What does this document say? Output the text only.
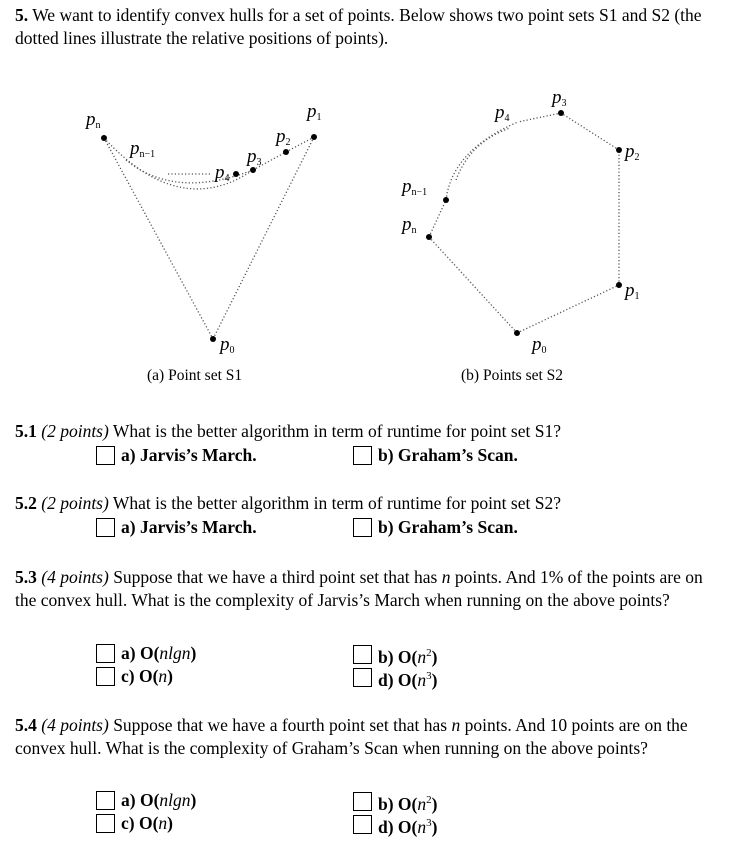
5. We want to identify convex hulls for a set of points. Below shows two point sets S1 and S2 (the dotted lines illustrate the relative positions of points).
pn
pn−1
p4
p3
p2
p1
p0
(a) Point set S1
p3
p4
p2
pn−1
pn
p1
p0
(b) Points set S2
5.1 (2 points) What is the better algorithm in term of runtime for point set S1?
a) Jarvis’s March.	b) Graham’s Scan.
5.2 (2 points) What is the better algorithm in term of runtime for point set S2?
a) Jarvis’s March.	b) Graham’s Scan.
5.3 (4 points) Suppose that we have a third point set that has n points. And 1% of the points are on the convex hull. What is the complexity of Jarvis’s March when running on the above points?
a) O(nlgn)	b) $O(n^2)$
c) O(n)	d) $O(n^3)$
5.4 (4 points) Suppose that we have a fourth point set that has n points. And 10 points are on the convex hull. What is the complexity of Graham’s Scan when running on the above points?
a) O(nlgn)	b) $O(n^2)$
c) O(n)	d) $O(n^3)$
